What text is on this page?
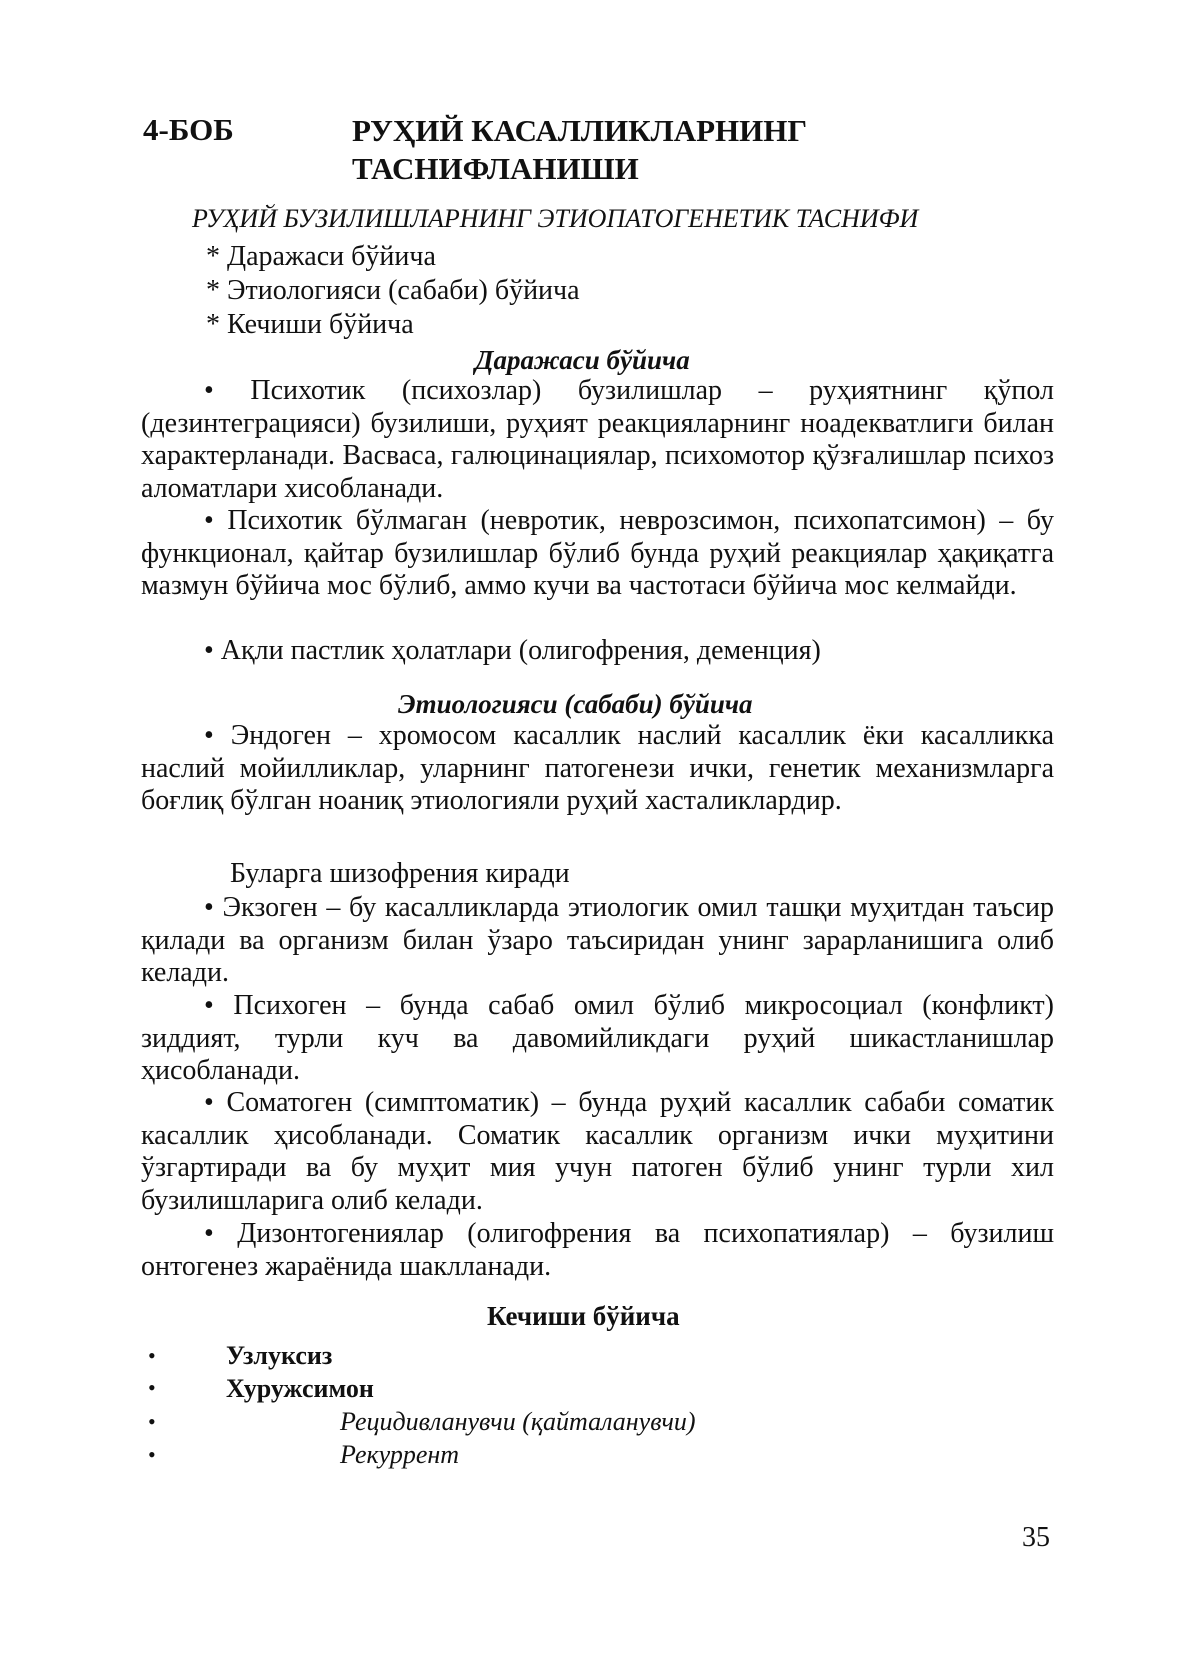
4-БОБ	РУҲИЙ КАСАЛЛИКЛАРНИНГ
ТАСНИФЛАНИШИ
РУҲИЙ БУЗИЛИШЛАРНИНГ ЭТИОПАТОГЕНЕТИК ТАСНИФИ
* Даражаси бўйича
* Этиологияси (сабаби) бўйича
* Кечиши бўйича
Даражаси бўйича

• Психотик (психозлар) бузилишлар – руҳиятнинг қўпол (дезинтеграцияси) бузилиши, руҳият реакцияларнинг ноадекватлиги билан характерланади. Васваса, галюцинациялар, психомотор қўзғалишлар психоз аломатлари хисобланади.

• Психотик бўлмаган (невротик, неврозсимон, психопатсимон) – бу функционал, қайтар бузилишлар бўлиб бунда руҳий реакциялар ҳақиқатга мазмун бўйича мос бўлиб, аммо кучи ва частотаси бўйича мос келмайди.

• Ақли пастлик ҳолатлари (олигофрения, деменция)

Этиологияси (сабаби) бўйича

• Эндоген – хромосом касаллик наслий касаллик ёки касалликка наслий мойилликлар, уларнинг патогенези ички, генетик механизмларга боғлиқ бўлган ноаниқ этиологияли руҳий хасталиклардир.

Буларга шизофрения киради

• Экзоген – бу касалликларда этиологик омил ташқи муҳитдан таъсир қилади ва организм билан ўзаро таъсиридан унинг зарарланишига олиб келади.

• Психоген – бунда сабаб омил бўлиб микросоциал (конфликт) зиддият, турли куч ва давомийликдаги руҳий шикастланишлар ҳисобланади.

• Соматоген (симптоматик) – бунда руҳий касаллик сабаби соматик касаллик ҳисобланади. Соматик касаллик организм ички муҳитини ўзгартиради ва бу муҳит мия учун патоген бўлиб унинг турли хил бузилишларига олиб келади.

• Дизонтогениялар (олигофрения ва психопатиялар) – бузилиш онтогенез жараёнида шаклланади.

Кечиши бўйича
•	Узлуксиз
•	Хуружсимон
•	Рецидивланувчи (қайталанувчи)
•	Рекуррент
35
